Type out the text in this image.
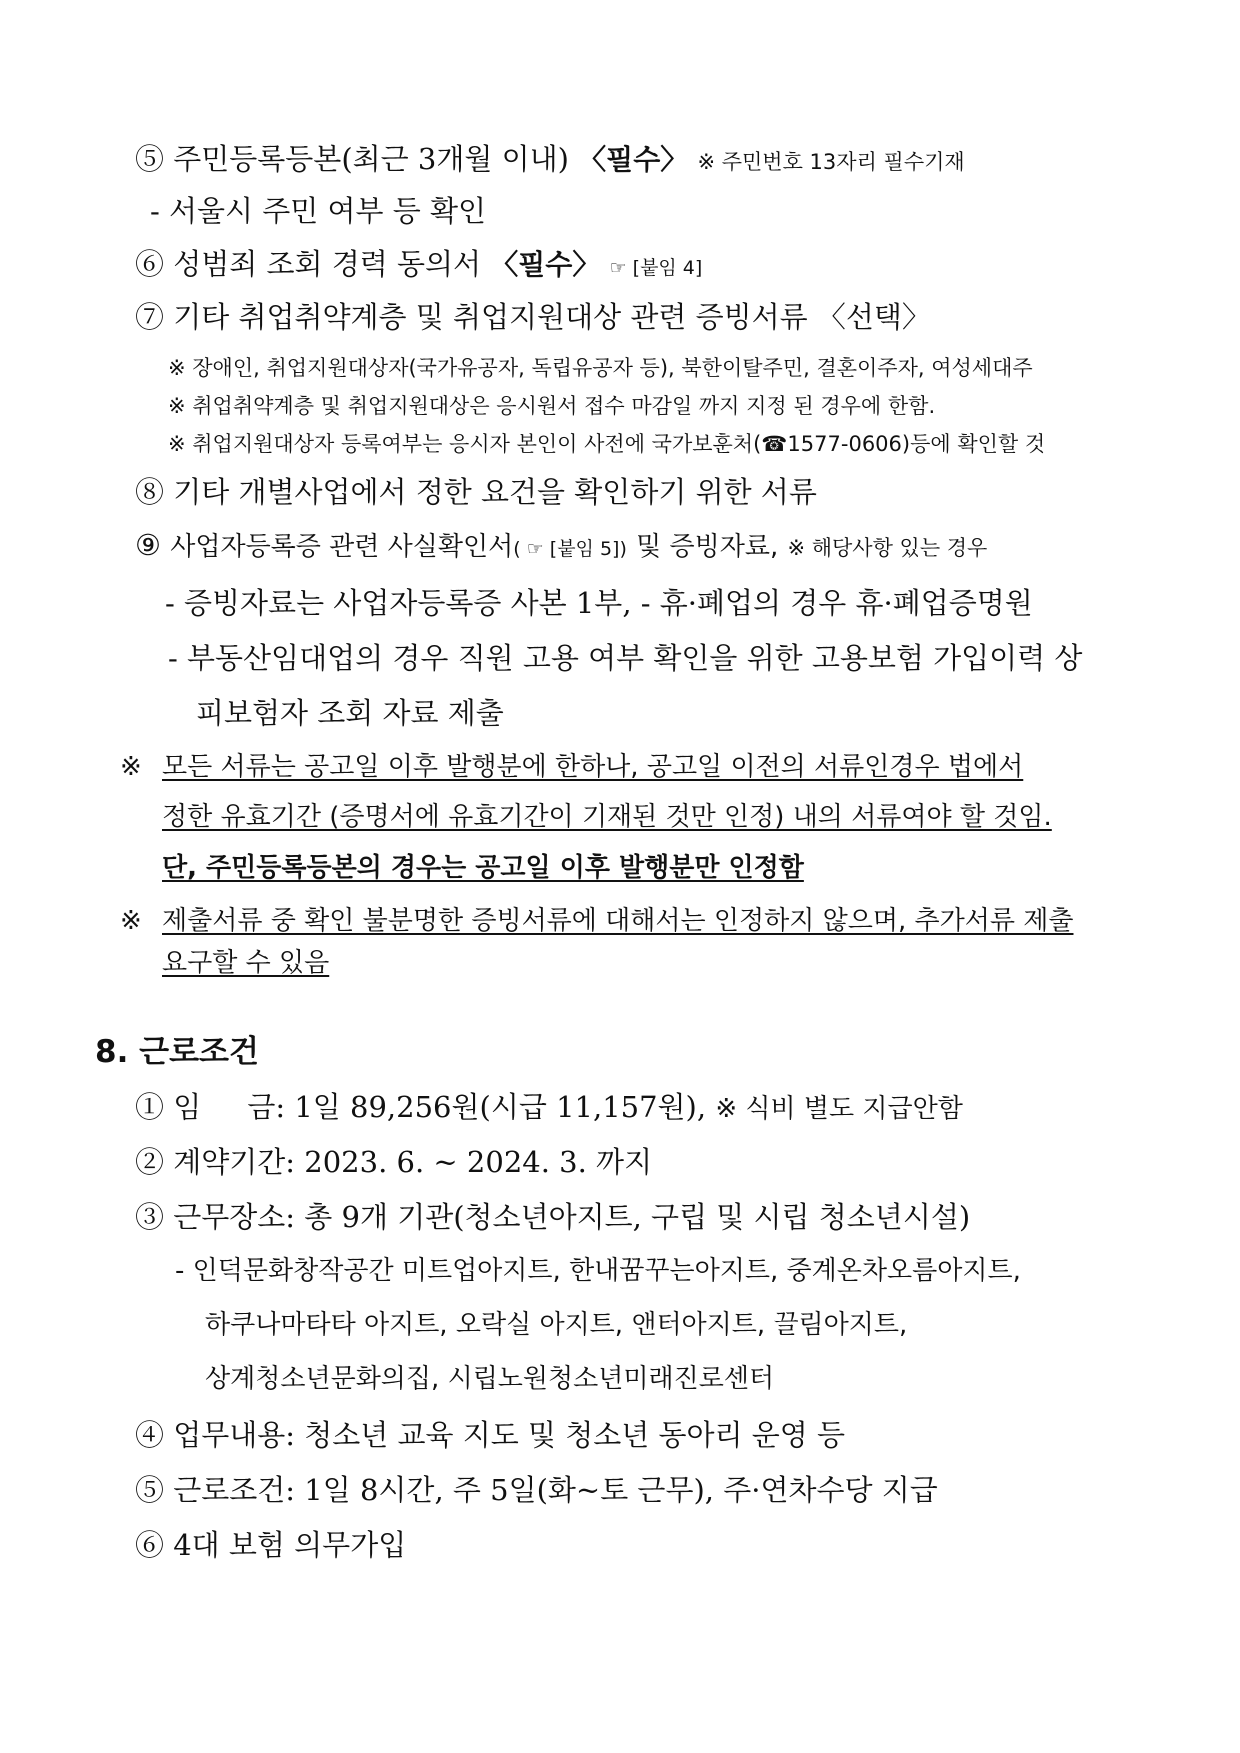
⑤ 주민등록등본(최근 3개월 이내) 〈필수〉 ※ 주민번호 13자리 필수기재
- 서울시 주민 여부 등 확인
⑥ 성범죄 조회 경력 동의서 〈필수〉 ☞ [붙임 4]
⑦ 기타 취업취약계층 및 취업지원대상 관련 증빙서류 〈선택〉
※ 장애인, 취업지원대상자(국가유공자, 독립유공자 등), 북한이탈주민, 결혼이주자, 여성세대주
※ 취업취약계층 및 취업지원대상은 응시원서 접수 마감일 까지 지정 된 경우에 한함.
※ 취업지원대상자 등록여부는 응시자 본인이 사전에 국가보훈처(☎1577-0606)등에 확인할 것
⑧ 기타 개별사업에서 정한 요건을 확인하기 위한 서류
⑨ 사업자등록증 관련 사실확인서( ☞ [붙임 5]) 및 증빙자료, ※ 해당사항 있는 경우
- 증빙자료는 사업자등록증 사본 1부, - 휴·폐업의 경우 휴·폐업증명원
- 부동산임대업의 경우 직원 고용 여부 확인을 위한 고용보험 가입이력 상
피보험자 조회 자료 제출
※ 모든 서류는 공고일 이후 발행분에 한하나, 공고일 이전의 서류인경우 법에서
정한 유효기간 (증명서에 유효기간이 기재된 것만 인정) 내의 서류여야 할 것임.
단, 주민등록등본의 경우는 공고일 이후 발행분만 인정함
※ 제출서류 중 확인 불분명한 증빙서류에 대해서는 인정하지 않으며, 추가서류 제출
요구할 수 있음
8. 근로조건
① 임     금: 1일 89,256원(시급 11,157원), ※ 식비 별도 지급안함
② 계약기간: 2023. 6. ~ 2024. 3. 까지
③ 근무장소: 총 9개 기관(청소년아지트, 구립 및 시립 청소년시설)
- 인덕문화창작공간 미트업아지트, 한내꿈꾸는아지트, 중계온차오름아지트,
하쿠나마타타 아지트, 오락실 아지트, 앤터아지트, 끌림아지트,
상계청소년문화의집, 시립노원청소년미래진로센터
④ 업무내용: 청소년 교육 지도 및 청소년 동아리 운영 등
⑤ 근로조건: 1일 8시간, 주 5일(화~토 근무), 주·연차수당 지급
⑥ 4대 보험 의무가입
